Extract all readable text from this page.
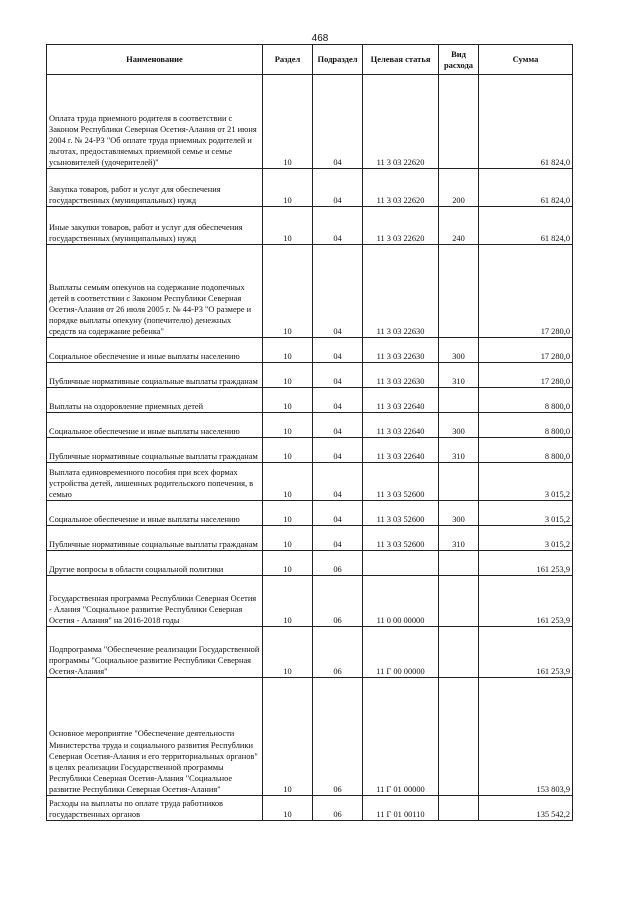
468
Наименование	Раздел	Подраздел	Целевая статья	Вид расхода	Сумма
Оплата труда приемного родителя в соответствии с Законом Республики Северная Осетия-Алания от 21 июня 2004 г. № 24-РЗ "Об оплате труда приемных родителей и льготах, предоставляемых приемной семье и семье усыновителей (удочерителей)"	10	04	11 3 03 22620		61 824,0
Закупка товаров, работ и услуг для обеспечения государственных (муниципальных) нужд	10	04	11 3 03 22620	200	61 824,0
Иные закупки товаров, работ и услуг для обеспечения государственных (муниципальных) нужд	10	04	11 3 03 22620	240	61 824,0
Выплаты семьям опекунов на содержание подопечных детей в соответствии с Законом Республики Северная Осетия-Алания от 26 июля 2005 г. № 44-РЗ "О размере и порядке выплаты опекуну (попечителю) денежных средств на содержание ребенка"	10	04	11 3 03 22630		17 280,0
Социальное обеспечение и иные выплаты населению	10	04	11 3 03 22630	300	17 280,0
Публичные нормативные социальные выплаты гражданам	10	04	11 3 03 22630	310	17 280,0
Выплаты на оздоровление приемных детей	10	04	11 3 03 22640		8 800,0
Социальное обеспечение и иные выплаты населению	10	04	11 3 03 22640	300	8 800,0
Публичные нормативные социальные выплаты гражданам	10	04	11 3 03 22640	310	8 800,0
Выплата единовременного пособия при всех формах устройства детей, лишенных родительского попечения, в семью	10	04	11 3 03 52600		3 015,2
Социальное обеспечение и иные выплаты населению	10	04	11 3 03 52600	300	3 015,2
Публичные нормативные социальные выплаты гражданам	10	04	11 3 03 52600	310	3 015,2
Другие вопросы в области социальной политики	10	06			161 253,9
Государственная программа Республики Северная Осетия - Алания "Социальное развитие Республики Северная Осетия - Алания" на 2016-2018 годы	10	06	11 0 00 00000		161 253,9
Подпрограмма "Обеспечение реализации Государственной программы "Социальное развитие Республики Северная Осетия-Алания"	10	06	11 Г 00 00000		161 253,9
Основное мероприятие "Обеспечение деятельности Министерства труда и социального развития Республики Северная Осетия-Алания и его территориальных органов" в целях реализации Государственной программы Республики Северная Осетия-Алания "Социальное развитие Республики Северная Осетия-Алания"	10	06	11 Г 01 00000		153 803,9
Расходы на выплаты по оплате труда работников государственных органов	10	06	11 Г 01 00110		135 542,2
